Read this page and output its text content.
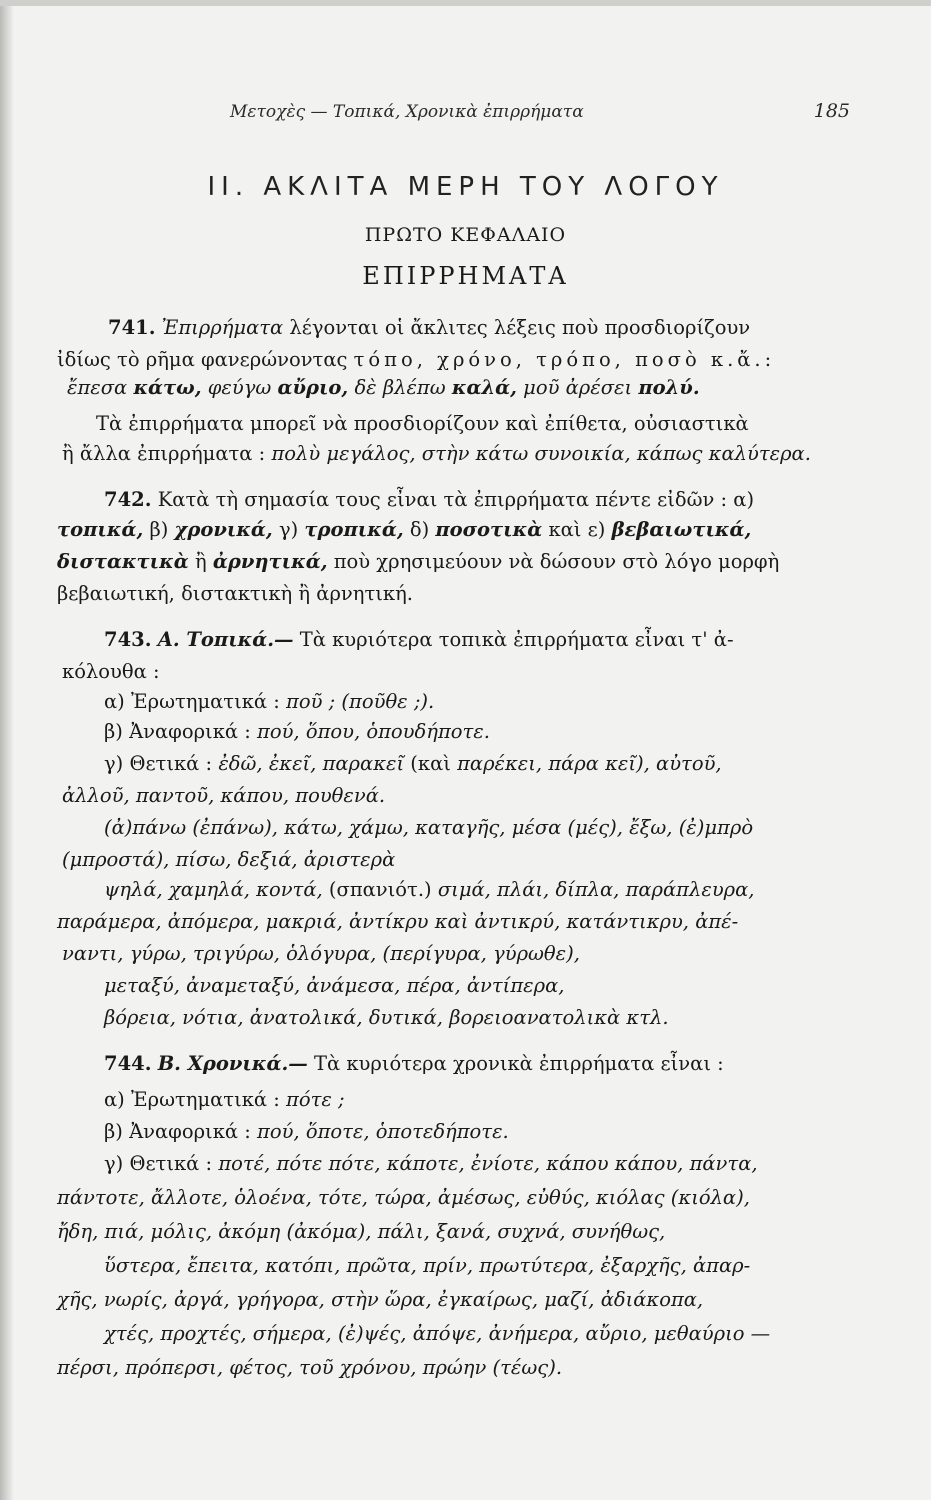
Μετοχὲς — Τοπικά, Χρονικὰ ἐπιρρήματα	185
ΙΙ. ΑΚΛΙΤΑ ΜΕΡΗ ΤΟΥ ΛΟΓΟΥ
ΠΡΩΤΟ ΚΕΦΑΛΑΙΟ
ΕΠΙΡΡΗΜΑΤΑ
741. Ἐπιρρήματα λέγονται οἱ ἄκλιτες λέξεις ποὺ προσδιορίζουν
ἰδίως τὸ ρῆμα φανερώνοντας τόπο, χρόνο, τρόπο, ποσὸ κ.ἄ.:
ἔπεσα κάτω, φεύγω αὔριο, δὲ βλέπω καλά, μοῦ ἀρέσει πολύ.
Τὰ ἐπιρρήματα μπορεῖ νὰ προσδιορίζουν καὶ ἐπίθετα, οὐσιαστικὰ
ἢ ἄλλα ἐπιρρήματα : πολὺ μεγάλος, στὴν κάτω συνοικία, κάπως καλύτερα.
742. Κατὰ τὴ σημασία τους εἶναι τὰ ἐπιρρήματα πέντε εἰδῶν : α)
τοπικά, β) χρονικά, γ) τροπικά, δ) ποσοτικὰ καὶ ε) βεβαιωτικά,
διστακτικὰ ἢ ἀρνητικά, ποὺ χρησιμεύουν νὰ δώσουν στὸ λόγο μορφὴ
βεβαιωτική, διστακτικὴ ἢ ἀρνητική.
743. Α. Τοπικά.— Τὰ κυριότερα τοπικὰ ἐπιρρήματα εἶναι τ' ἀ-
κόλουθα :
α) Ἐρωτηματικά : ποῦ ; (ποῦθε ;).
β) Ἀναφορικά : πού, ὅπου, ὁπουδήποτε.
γ) Θετικά : ἐδῶ, ἐκεῖ, παρακεῖ (καὶ παρέκει, πάρα κεῖ), αὐτοῦ,
ἀλλοῦ, παντοῦ, κάπου, πουθενά.
(ἀ)πάνω (ἐπάνω), κάτω, χάμω, καταγῆς, μέσα (μές), ἔξω, (ἐ)μπρὸ
(μπροστά), πίσω, δεξιά, ἀριστερὰ
ψηλά, χαμηλά, κοντά, (σπανιότ.) σιμά, πλάι, δίπλα, παράπλευρα,
παράμερα, ἀπόμερα, μακριά, ἀντίκρυ καὶ ἀντικρύ, κατάντικρυ, ἀπέ-
ναντι, γύρω, τριγύρω, ὁλόγυρα, (περίγυρα, γύρωθε),
μεταξύ, ἀναμεταξύ, ἀνάμεσα, πέρα, ἀντίπερα,
βόρεια, νότια, ἀνατολικά, δυτικά, βορειοανατολικὰ κτλ.
744. Β. Χρονικά.— Τὰ κυριότερα χρονικὰ ἐπιρρήματα εἶναι :
α) Ἐρωτηματικά : πότε ;
β) Ἀναφορικά : πού, ὅποτε, ὁποτεδήποτε.
γ) Θετικά : ποτέ, πότε πότε, κάποτε, ἐνίοτε, κάπου κάπου, πάντα,
πάντοτε, ἄλλοτε, ὁλοένα, τότε, τώρα, ἀμέσως, εὐθύς, κιόλας (κιόλα),
ἤδη, πιά, μόλις, ἀκόμη (ἀκόμα), πάλι, ξανά, συχνά, συνήθως,
ὕστερα, ἔπειτα, κατόπι, πρῶτα, πρίν, πρωτύτερα, ἐξαρχῆς, ἀπαρ-
χῆς, νωρίς, ἀργά, γρήγορα, στὴν ὥρα, ἐγκαίρως, μαζί, ἀδιάκοπα,
χτές, προχτές, σήμερα, (ἐ)ψές, ἀπόψε, ἀνήμερα, αὔριο, μεθαύριο —
πέρσι, πρόπερσι, φέτος, τοῦ χρόνου, πρώην (τέως).
